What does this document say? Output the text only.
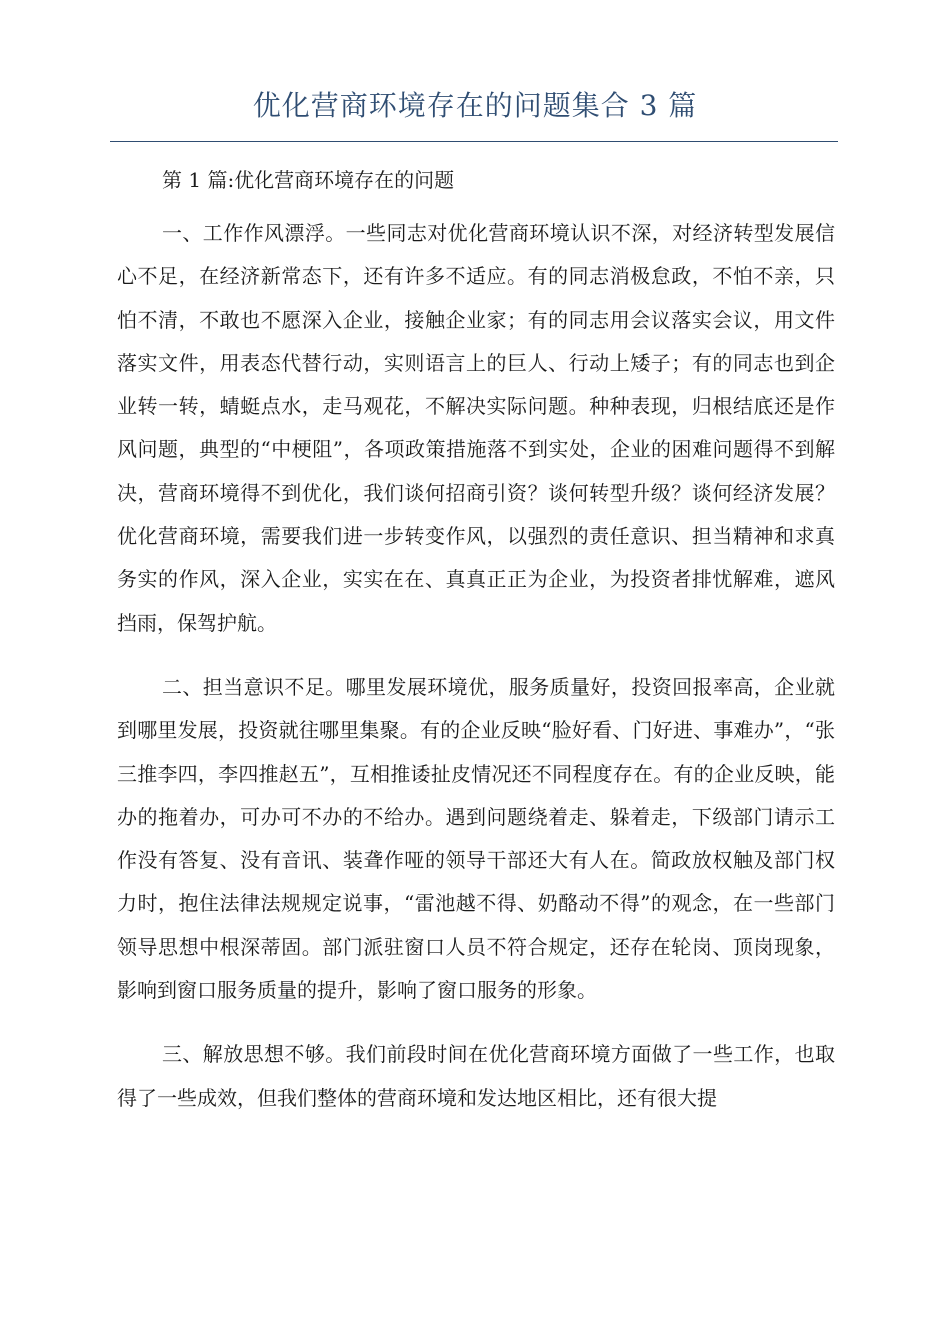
优化营商环境存在的问题集合 3 篇

第 1 篇:优化营商环境存在的问题

一、工作作风漂浮。一些同志对优化营商环境认识不深，对经济转型发展信心不足，在经济新常态下，还有许多不适应。有的同志消极怠政，不怕不亲，只怕不清，不敢也不愿深入企业，接触企业家；有的同志用会议落实会议，用文件落实文件，用表态代替行动，实则语言上的巨人、行动上矮子；有的同志也到企业转一转，蜻蜓点水，走马观花，不解决实际问题。种种表现，归根结底还是作风问题，典型的“中梗阻”，各项政策措施落不到实处，企业的困难问题得不到解决，营商环境得不到优化，我们谈何招商引资？谈何转型升级？谈何经济发展？优化营商环境，需要我们进一步转变作风，以强烈的责任意识、担当精神和求真务实的作风，深入企业，实实在在、真真正正为企业，为投资者排忧解难，遮风挡雨，保驾护航。

二、担当意识不足。哪里发展环境优，服务质量好，投资回报率高，企业就到哪里发展，投资就往哪里集聚。有的企业反映“脸好看、门好进、事难办”，“张三推李四，李四推赵五”，互相推诿扯皮情况还不同程度存在。有的企业反映，能办的拖着办，可办可不办的不给办。遇到问题绕着走、躲着走，下级部门请示工作没有答复、没有音讯、装聋作哑的领导干部还大有人在。简政放权触及部门权力时，抱住法律法规规定说事，“雷池越不得、奶酪动不得”的观念，在一些部门领导思想中根深蒂固。部门派驻窗口人员不符合规定，还存在轮岗、顶岗现象，影响到窗口服务质量的提升，影响了窗口服务的形象。

三、解放思想不够。我们前段时间在优化营商环境方面做了一些工作，也取得了一些成效，但我们整体的营商环境和发达地区相比，还有很大提
